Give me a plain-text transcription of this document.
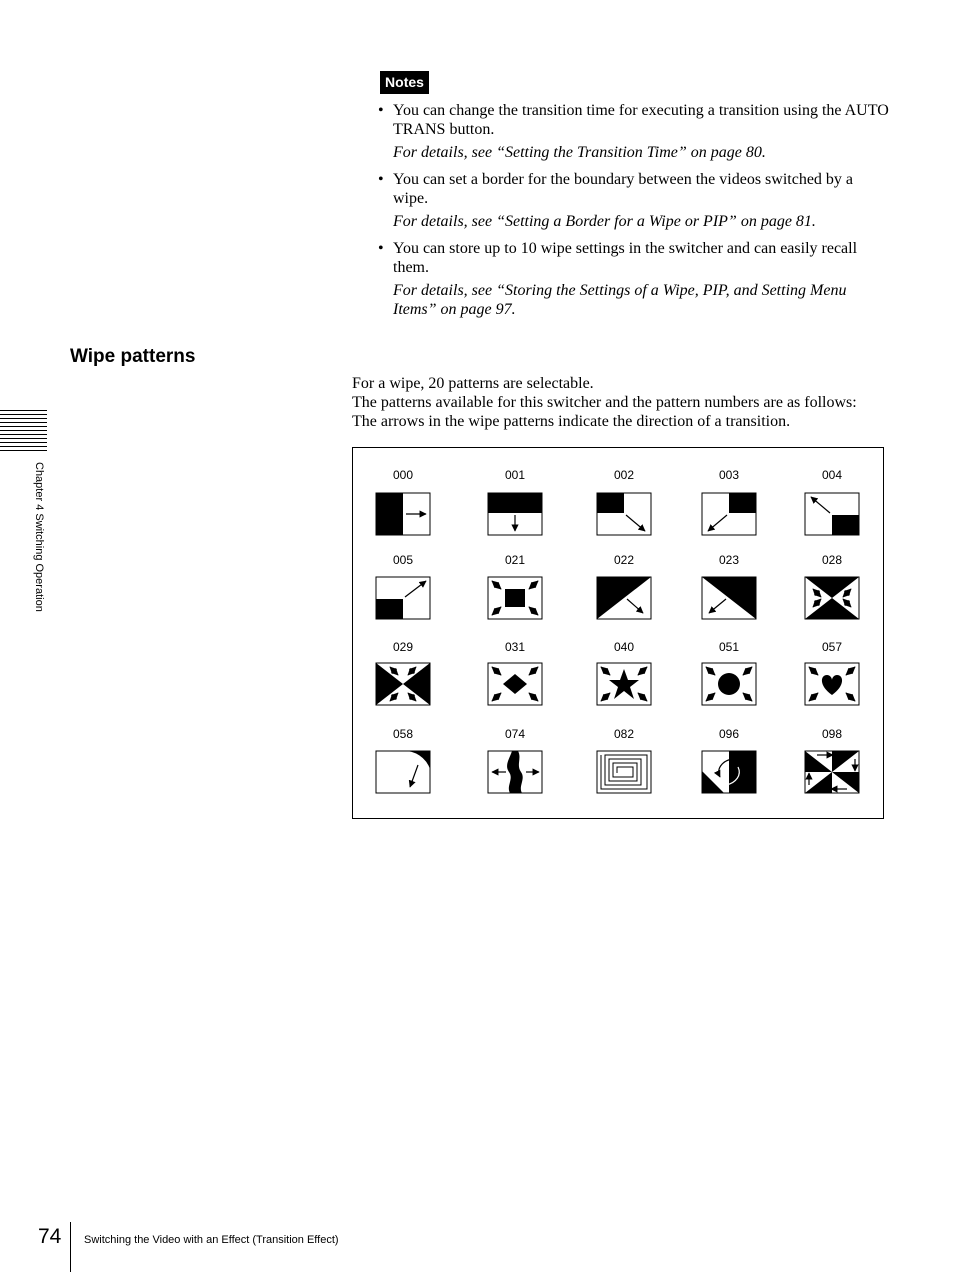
Notes
• You can change the transition time for executing a transition using the AUTO TRANS button.
For details, see “Setting the Transition Time” on page 80.
• You can set a border for the boundary between the videos switched by a wipe.
For details, see “Setting a Border for a Wipe or PIP” on page 81.
• You can store up to 10 wipe settings in the switcher and can easily recall them.
For details, see “Storing the Settings of a Wipe, PIP, and Setting Menu Items” on page 97.
Wipe patterns
For a wipe, 20 patterns are selectable.
The patterns available for this switcher and the pattern numbers are as follows:
The arrows in the wipe patterns indicate the direction of a transition.
000	001	002	003	004
005	021	022	023	028
029	031	040	051	057
058	074	082	096	098
Chapter 4 Switching Operation
74 Switching the Video with an Effect (Transition Effect)
